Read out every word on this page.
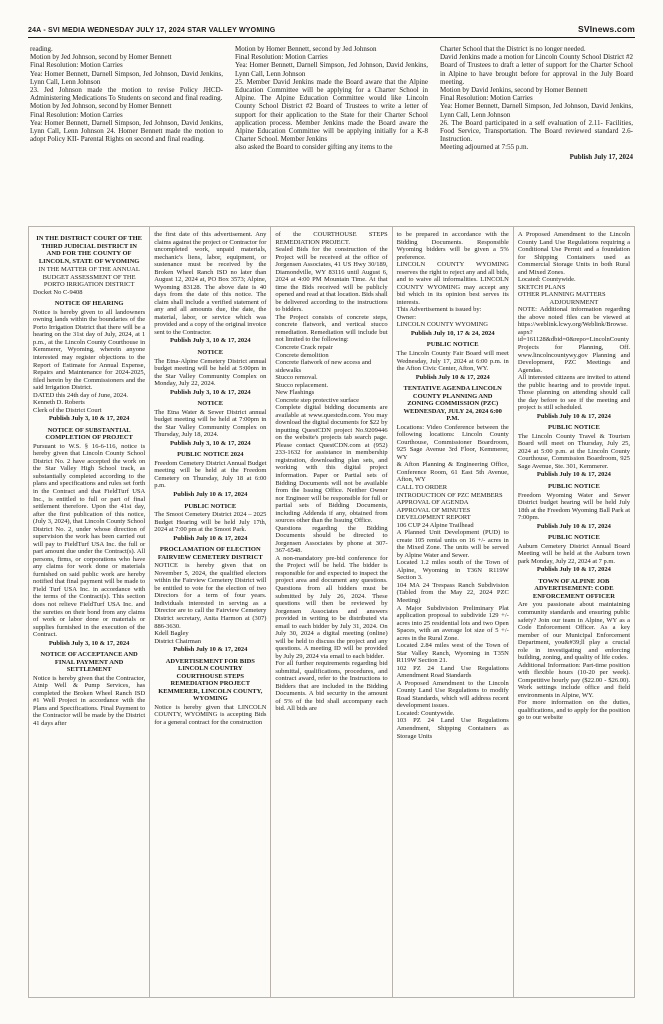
24A - SVI MEDIA WEDNESDAY JULY 17, 2024 STAR VALLEY WYOMING	SVInews.com
reading.
Motion by Jed Johnson, second by Homer Bennett
Final Resolution: Motion Carries
Yea: Homer Bennett, Darnell Simpson, Jed Johnson, David Jenkins, Lynn Call, Lenn Johnson
23. Jed Johnson made the motion to revise Policy JHCD-Administering Medications To Students on second and final reading.
Motion by Jed Johnson, second by Homer Bennett
Final Resolution: Motion Carries
Yea: Homer Bennett, Darnell Simpson, Jed Johnson, David Jenkins, Lynn Call, Lenn Johnson 24. Homer Bennett made the motion to adopt Policy KII- Parental Rights on second and final reading.
Motion by Homer Bennett, second by Jed Johnson
Final Resolution: Motion Carries
Yea: Homer Bennett, Darnell Simpson, Jed Johnson, David Jenkins, Lynn Call, Lenn Johnson
25. Member David Jenkins made the Board aware that the Alpine Education Committee will be applying for a Charter School in Alpine. The Alpine Education Committee would like Lincoln County School District #2 Board of Trustees to write a letter of support for their application to the State for their Charter School application process. Member Jenkins made the Board aware the Alpine Education Committee will be applying initially for a K-8 Charter School. Member Jenkins
also asked the Board to consider gifting any items to the
Charter School that the District is no longer needed.
David Jenkins made a motion for Lincoln County School District #2 Board of Trustees to draft a letter of support for the Charter School in Alpine to have brought before for approval in the July Board meeting.
Motion by David Jenkins, second by Homer Bennett
Final Resolution: Motion Carries
Yea: Homer Bennett, Darnell Simpson, Jed Johnson, David Jenkins, Lynn Call, Lenn Johnson
26. The Board participated in a self evaluation of 2.11- Facilities, Food Service, Transportation. The Board reviewed standard 2.6- Instruction.
Meeting adjourned at 7:55 p.m.
Publish July 17, 2024
IN THE DISTRICT COURT OF THE THIRD JUDICIAL DISTRICT IN AND FOR THE COUNTY OF LINCOLN, STATE OF WYOMING
IN THE MATTER OF THE ANNUAL BUDGET ASSESSMENT OF THE PORTO IRRIGATION DISTRICT
Docket No C-9408
NOTICE OF HEARING
Notice is hereby given to all landowners owning lands within the boundaries of the Porto Irrigation District that there will be a hearing on the 31st day of July, 2024, at 1 p.m., at the Lincoln County Courthouse in Kemmerer, Wyoming, wherein anyone interested may register objections to the Report of Estimate for Annual Expense, Repairs and Maintenance for 2024-2025, filed herein by the Commissioners and the said Irrigation District.
DATED this 24th day of June, 2024.
Kenneth D. Roberts
Clerk of the District Court
Publish July 3, 10 & 17, 2024
NOTICE OF SUBSTANTIAL COMPLETION OF PROJECT
Pursuant to W.S. § 16-6-116, notice is hereby given that Lincoln County School District No. 2 have accepted the work on the Star Valley High School track, as substantially completed according to the plans and specifications and rules set forth in the Contract and that FieldTurf USA Inc., is entitled to full or part of final settlement therefore. Upon the 41st day, after the first publication of this notice, (July 3, 2024), that Lincoln County School District No. 2, under whose direction of supervision the work has been carried out will pay to FieldTurf USA Inc. the full or part amount due under the Contract(s). All persons, firms, or corporations who have any claims for work done or materials furnished on said public work are hereby notified that final payment will be made to Field Turf USA Inc. in accordance with the terms of the Contract(s). This section does not relieve FieldTurf USA Inc. and the sureties on their bond from any claims of work or labor done or materials or supplies furnished in the execution of the Contract.
Publish July 3, 10 & 17, 2024
NOTICE OF ACCEPTANCE AND FINAL PAYMENT AND SETTLEMENT
Notice is hereby given that the Contractor, Atnip Well & Pump Services, has completed the Broken Wheel Ranch ISD #1 Well Project in accordance with the Plans and Specifications. Final Payment to the Contractor will be made by the District 41 days after
the first date of this advertisement. Any claims against the project or Contractor for uncompleted work, unpaid materials, mechanic's liens, labor, equipment, or sustenance must be received by the Broken Wheel Ranch ISD no later than August 12, 2024 at, PO Box 3573; Alpine, Wyoming 83128. The above date is 40 days from the date of this notice. The claim shall include a verified statement of any and all amounts due, the date, the material, labor, or service which was provided and a copy of the original invoice sent to the Contractor.
Publish July 3, 10 & 17, 2024
NOTICE
The Etna-Alpine Cemetery District annual budget meeting will be held at 5:00pm in the Star Valley Community Complex on Monday, July 22, 2024.
Publish July 3, 10 & 17, 2024
NOTICE
The Etna Water & Sewer District annual budget meeting will be held at 7:00pm in the Star Valley Community Complex on Thursday, July 18, 2024.
Publish July 3, 10 & 17, 2024
PUBLIC NOTICE 2024
Freedom Cemetery District Annual Budget meeting will be held at the Freedom Cemetery on Thursday, July 18 at 6:00 p.m.
Publish July 10 & 17, 2024
PUBLIC NOTICE
The Smoot Cemetery District 2024 – 2025 Budget Hearing will be held July 17th, 2024 at 7:00 pm at the Smoot Park.
Publish July 10 & 17, 2024
PROCLAMATION OF ELECTION FAIRVIEW CEMETERY DISTRICT
NOTICE is hereby given that on November 5, 2024, the qualified electors within the Fairview Cemetery District will be entitled to vote for the election of two Directors for a term of four years. Individuals interested in serving as a Director are to call the Fairview Cemetery District secretary, Anita Harmon at (307) 886-3630.
Kdell Bagley
District Chairman
Publish July 10 & 17, 2024
ADVERTISEMENT FOR BIDS LINCOLN COUNTRY COURTHOUSE STEPS REMEDIATION PROJECT KEMMERER, LINCOLN COUNTY, WYOMING
Notice is hereby given that LINCOLN COUNTY, WYOMING is accepting Bids for a general contract for the construction
of the COURTHOUSE STEPS REMEDIATION PROJECT.
Sealed Bids for the construction of the Project will be received at the office of Jorgensen Associates, 41 US Hwy 30/189, Diamondville, WY 83116 until August 6, 2024 at 4:00 PM Mountain Time. At that time the Bids received will be publicly opened and read at that location. Bids shall be delivered according to the instructions to bidders.
The Project consists of concrete steps, concrete flatwork, and vertical stucco remediation. Remediation will include but not limited to the following:
Concrete Crack repair
Concrete demolition
Concrete flatwork of new access and sidewalks
Stucco removal.
Stucco replacement.
New Flashings
Concrete step protective surface
Complete digital bidding documents are available at www.questcdn.com. You may download the digital documents for $22 by inputting QuestCDN project No.9209446 on the website's projects tab search page. Please contact QuestCDN.com at (952) 233-1632 for assistance in membership registration, downloading plan sets, and working with this digital project information. Paper or Partial sets of Bidding Documents will not be available from the Issuing Office. Neither Owner nor Engineer will be responsible for full or partial sets of Bidding Documents, including Addenda if any, obtained from sources other than the Issuing Office.
Questions regarding the Bidding Documents should be directed to Jorgensen Associates by phone at 307-367-6548.
A non-mandatory pre-bid conference for the Project will be held. The bidder is responsible for and expected to inspect the project area and document any questions. Questions from all bidders must be submitted by July 26, 2024. These questions will then be reviewed by Jorgensen Associates and answers provided in writing to be distributed via email to each bidder by July 31, 2024. On July 30, 2024 a digital meeting (online) will be held to discuss the project and any questions. A meeting ID will be provided by July 29, 2024 via email to each bidder.
For all further requirements regarding bid submittal, qualifications, procedures, and contract award, refer to the Instructions to Bidders that are included in the Bidding Documents. A bid security in the amount of 5% of the bid shall accompany each bid. All bids are
to be prepared in accordance with the Bidding Documents. Responsible Wyoming bidders will be given a 5% preference.
LINCOLN COUNTY WYOMING reserves the right to reject any and all bids, and to waive all informalities. LINCOLN COUNTY WYOMING may accept any bid which in its opinion best serves its interests.
This Advertisement is issued by:
Owner:
LINCOLN COUNTY WYOMING
Publish July 10, 17 & 24, 2024
PUBLIC NOTICE
The Lincoln County Fair Board will meet Wednesday, July 17, 2024 at 6:00 p.m. in the Afton Civic Center, Afton, WY.
Publish July 10 & 17, 2024
TENTATIVE AGENDA LINCOLN COUNTY PLANNING AND ZONING COMMISSION (PZC) WEDNESDAY, JULY 24, 2024 6:00 P.M.
Locations: Video Conference between the following locations: Lincoln County Courthouse, Commissioner Boardroom, 925 Sage Avenue 3rd Floor, Kemmerer, WY
& Afton Planning & Engineering Office, Conference Room, 61 East 5th Avenue, Afton, WY
CALL TO ORDER
INTRODUCTION OF PZC MEMBERS
APPROVAL OF AGENDA
APPROVAL OF MINUTES
DEVELOPMENT REPORT
106 CUP 24 Alpine Trailhead
A Planned Unit Development (PUD) to create 105 rental units on 16 +/- acres in the Mixed Zone. The units will be served by Alpine Water and Sewer.
Located 1.2 miles south of the Town of Alpine, Wyoming in T36N R119W Section 3.
104 MA 24 Trespass Ranch Subdivision (Tabled from the May 22, 2024 PZC Meeting)
A Major Subdivision Preliminary Plat application proposal to subdivide 129 +/- acres into 25 residential lots and two Open Spaces, with an average lot size of 5 +/- acres in the Rural Zone.
Located 2.84 miles west of the Town of Star Valley Ranch, Wyoming in T35N R119W Section 21.
102 PZ 24 Land Use Regulations Amendment Road Standards
A Proposed Amendment to the Lincoln County Land Use Regulations to modify Road Standards, which will address recent development issues.
Located: Countywide.
103 PZ 24 Land Use Regulations Amendment, Shipping Containers as Storage Units
A Proposed Amendment to the Lincoln County Land Use Regulations requiring a Conditional Use Permit and a foundation for Shipping Containers used as Commercial Storage Units in both Rural and Mixed Zones.
Located: Countywide.
SKETCH PLANS
OTHER PLANNING MATTERS
ADJOURNMENT
NOTE: Additional information regarding the above noted files can be viewed at https://weblink.lcwy.org/Weblink/Browse.aspx?id=161128&dbid=0&repo=LincolnCounty
Projects for Planning, Off. www.lincolncountywy.gov Planning and Development, PZC Meetings and Agendas.
All interested citizens are invited to attend the public hearing and to provide input. Those planning on attending should call the day before to see if the meeting and project is still scheduled.
Publish July 10 & 17, 2024
PUBLIC NOTICE
The Lincoln County Travel & Tourism Board will meet on Thursday, July 25, 2024 at 5:00 p.m. at the Lincoln County Courthouse, Commission Boardroom, 925 Sage Avenue, Ste. 301, Kemmerer.
Publish July 10 & 17, 2024
PUBLIC NOTICE
Freedom Wyoming Water and Sewer District budget hearing will be held July 18th at the Freedom Wyoming Ball Park at 7:00pm.
Publish July 10 & 17, 2024
PUBLIC NOTICE
Auburn Cemetery District Annual Board Meeting will be held at the Auburn town park Monday, July 22, 2024 at 7 p.m.
Publish July 10 & 17, 2024
TOWN OF ALPINE JOB ADVERTISEMENT: CODE ENFORCEMENT OFFICER
Are you passionate about maintaining community standards and ensuring public safety? Join our team in Alpine, WY as a Code Enforcement Officer. As a key member of our Municipal Enforcement Department, you&#39;ll play a crucial role in investigating and enforcing building, zoning, and quality of life codes.
Additional Information: Part-time position with flexible hours (10-20 per week). Competitive hourly pay ($22.00 - $26.00). Work settings include office and field environments in Alpine, WY.
For more information on the duties, qualifications, and to apply for the position go to our website
